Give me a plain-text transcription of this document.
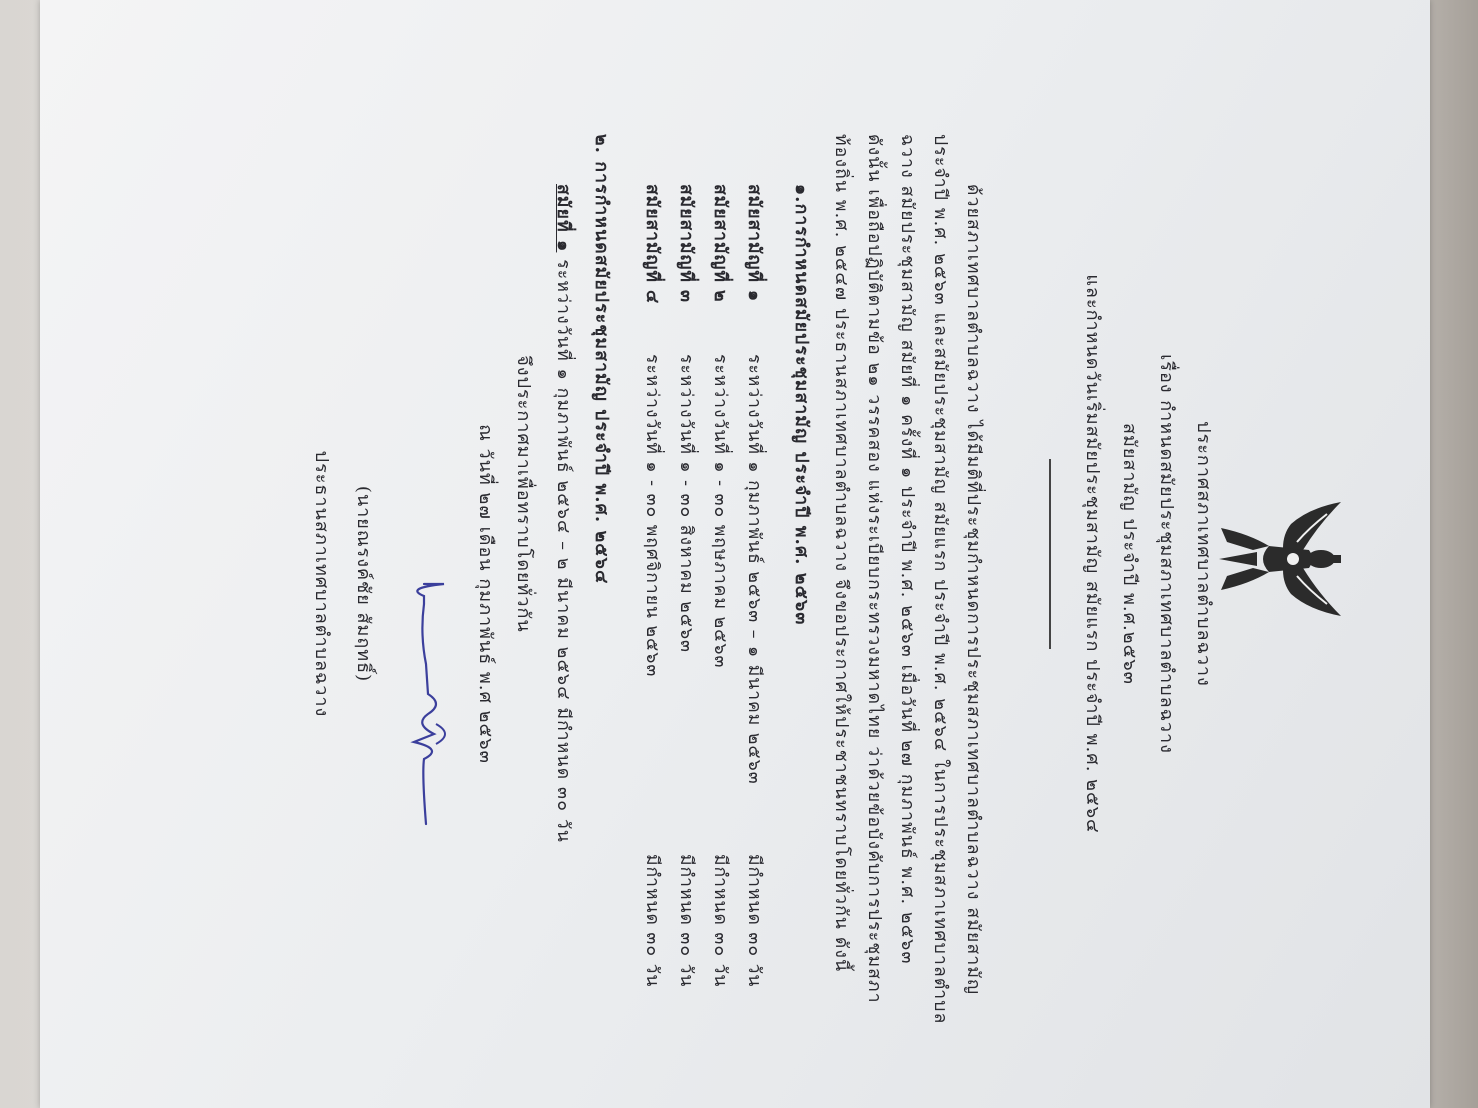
ประกาศสภาเทศบาลตำบลฉวาง
เรื่อง กำหนดสมัยประชุมสภาเทศบาลตำบลฉวาง
สมัยสามัญ ประจำปี พ.ศ.๒๕๖๓
และกำหนดวันเริ่มสมัยประชุมสามัญ สมัยแรก ประจำปี พ.ศ. ๒๕๖๔
ด้วยสภาเทศบาลตำบลฉวาง ได้มีมติที่ประชุมกำหนดการประชุมสภาเทศบาลตำบลฉวาง สมัยสามัญ
ประจำปี พ.ศ. ๒๕๖๓ และสมัยประชุมสามัญ สมัยแรก ประจำปี พ.ศ. ๒๕๖๔ ในการประชุมสภาเทศบาลตำบล
ฉวาง สมัยประชุมสามัญ สมัยที่ ๑ ครั้งที่ ๑ ประจำปี พ.ศ. ๒๕๖๓ เมื่อวันที่ ๒๗ กุมภาพันธ์ พ.ศ. ๒๕๖๓
ดังนั้น เพื่อถือปฏิบัติตามข้อ ๒๑ วรรคสอง แห่งระเบียบกระทรวงมหาดไทย ว่าด้วยข้อบังคับการประชุมสภา
ท้องถิ่น พ.ศ. ๒๕๔๗ ประธานสภาเทศบาลตำบลฉวาง จึงขอประกาศให้ประชาชนทราบโดยทั่วกัน ดังนี้
๑.การกำหนดสมัยประชุมสามัญ ประจำปี พ.ศ. ๒๕๖๓
สมัยสามัญที่ ๑
ระหว่างวันที่ ๑ กุมภาพันธ์ ๒๕๖๓ – ๑ มีนาคม ๒๕๖๓
มีกำหนด ๓๐ วัน
สมัยสามัญที่ ๒
ระหว่างวันที่ ๑ - ๓๐ พฤษภาคม ๒๕๖๓
มีกำหนด ๓๐ วัน
สมัยสามัญที่ ๓
ระหว่างวันที่ ๑ - ๓๐ สิงหาคม ๒๕๖๓
มีกำหนด ๓๐ วัน
สมัยสามัญที่ ๔
ระหว่างวันที่ ๑ - ๓๐ พฤศจิกายน ๒๕๖๓
มีกำหนด ๓๐ วัน
๒. การกำหนดสมัยประชุมสามัญ ประจำปี พ.ศ. ๒๕๖๔
สมัยที่ ๑ ระหว่างวันที่ ๑ กุมภาพันธ์ ๒๕๖๔ – ๒ มีนาคม ๒๕๖๔ มีกำหนด ๓๐ วัน
จึงประกาศมาเพื่อทราบโดยทั่วกัน
ณ วันที่ ๒๗ เดือน กุมภาพันธ์ พ.ศ ๒๕๖๓
(นายณรงค์ชัย สัมฤทธิ์)
ประธานสภาเทศบาลตำบลฉวาง
